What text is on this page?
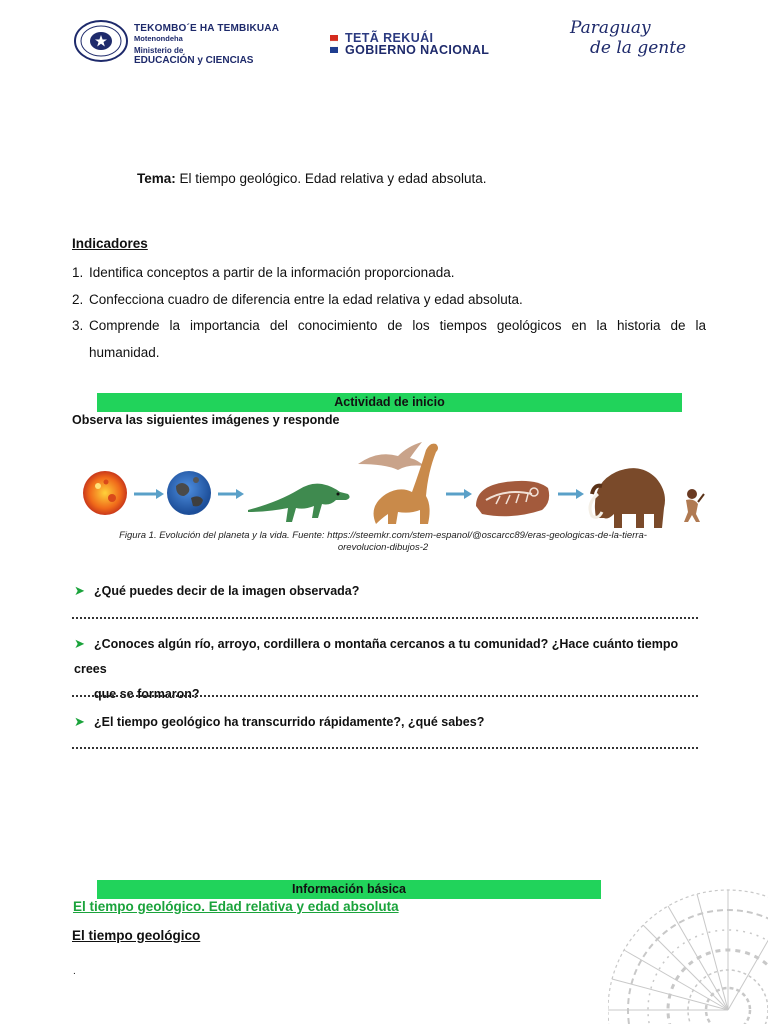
TEKOMBO´E HA TEMBIKUAA
Motenondeha
Ministerio de
EDUCACIÓN y CIENCIAS
TETÃ REKUÁI
GOBIERNO NACIONAL
Paraguay
de la gente
Tema: El tiempo geológico. Edad relativa y edad absoluta.
Indicadores
1. Identifica conceptos a partir de la información proporcionada.
2. Confecciona cuadro de diferencia entre la edad relativa y edad absoluta.
3. Comprende la importancia del conocimiento de los tiempos geológicos en la historia de la
humanidad.
Actividad de inicio
Observa las siguientes imágenes y responde
Figura 1. Evolución del planeta y la vida. Fuente: https://steemkr.com/stem-espanol/@oscarcc89/eras-geologicas-de-la-tierra-
orevolucion-dibujos-2
➤ ¿Qué puedes decir de la imagen observada?
➤ ¿Conoces algún río, arroyo, cordillera o montaña cercanos a tu comunidad? ¿Hace cuánto tiempo crees
que se formaron?
➤ ¿El tiempo geológico ha transcurrido rápidamente?, ¿qué sabes?
Información básica
El tiempo geológico. Edad relativa y edad absoluta
El tiempo geológico
.
